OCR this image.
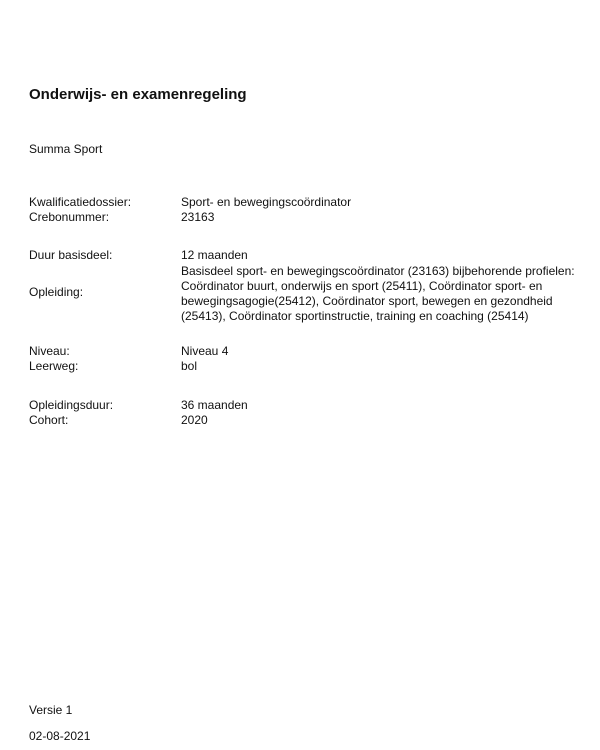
Onderwijs- en examenregeling
Summa Sport
Kwalificatiedossier:	Sport- en bewegingscoördinator
Crebonummer:	23163
Duur basisdeel:	12 maanden
Opleiding:
Basisdeel sport- en bewegingscoördinator (23163) bijbehorende profielen: Coördinator buurt, onderwijs en sport (25411), Coördinator sport- en bewegingsagogie(25412), Coördinator sport, bewegen en gezondheid (25413), Coördinator sportinstructie, training en coaching (25414)
Niveau:	Niveau 4
Leerweg:	bol
Opleidingsduur:	36 maanden
Cohort:	2020
Versie 1
02-08-2021
